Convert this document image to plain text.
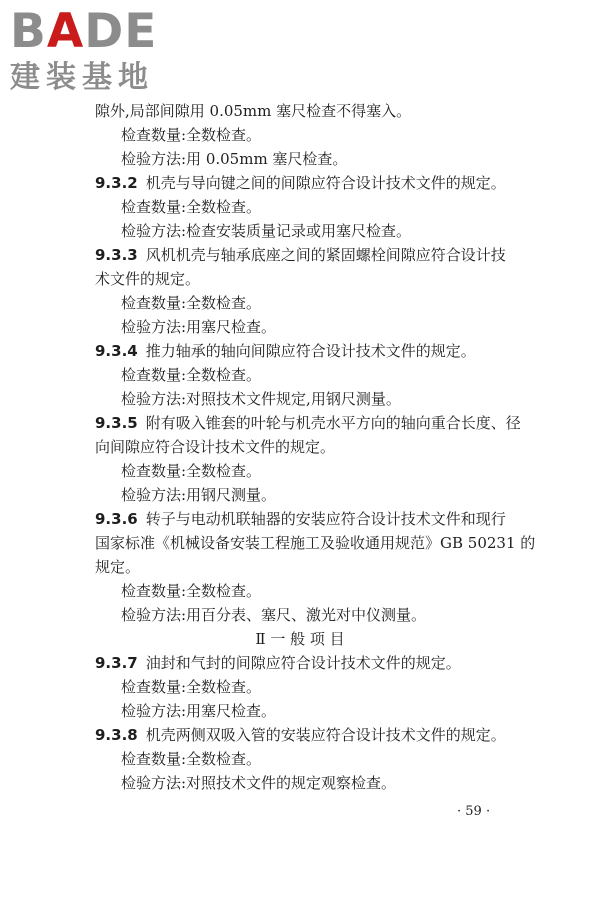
BADE
建装基地
隙外,局部间隙用 0.05mm 塞尺检查不得塞入。
检查数量:全数检查。
检验方法:用 0.05mm 塞尺检查。
9.3.2 机壳与导向键之间的间隙应符合设计技术文件的规定。
检查数量:全数检查。
检验方法:检查安装质量记录或用塞尺检查。
9.3.3 风机机壳与轴承底座之间的紧固螺栓间隙应符合设计技
术文件的规定。
检查数量:全数检查。
检验方法:用塞尺检查。
9.3.4 推力轴承的轴向间隙应符合设计技术文件的规定。
检查数量:全数检查。
检验方法:对照技术文件规定,用钢尺测量。
9.3.5 附有吸入锥套的叶轮与机壳水平方向的轴向重合长度、径
向间隙应符合设计技术文件的规定。
检查数量:全数检查。
检验方法:用钢尺测量。
9.3.6 转子与电动机联轴器的安装应符合设计技术文件和现行
国家标准《机械设备安装工程施工及验收通用规范》GB 50231 的
规定。
检查数量:全数检查。
检验方法:用百分表、塞尺、激光对中仪测量。
Ⅱ 一 般 项 目
9.3.7 油封和气封的间隙应符合设计技术文件的规定。
检查数量:全数检查。
检验方法:用塞尺检查。
9.3.8 机壳两侧双吸入管的安装应符合设计技术文件的规定。
检查数量:全数检查。
检验方法:对照技术文件的规定观察检查。
· 59 ·
